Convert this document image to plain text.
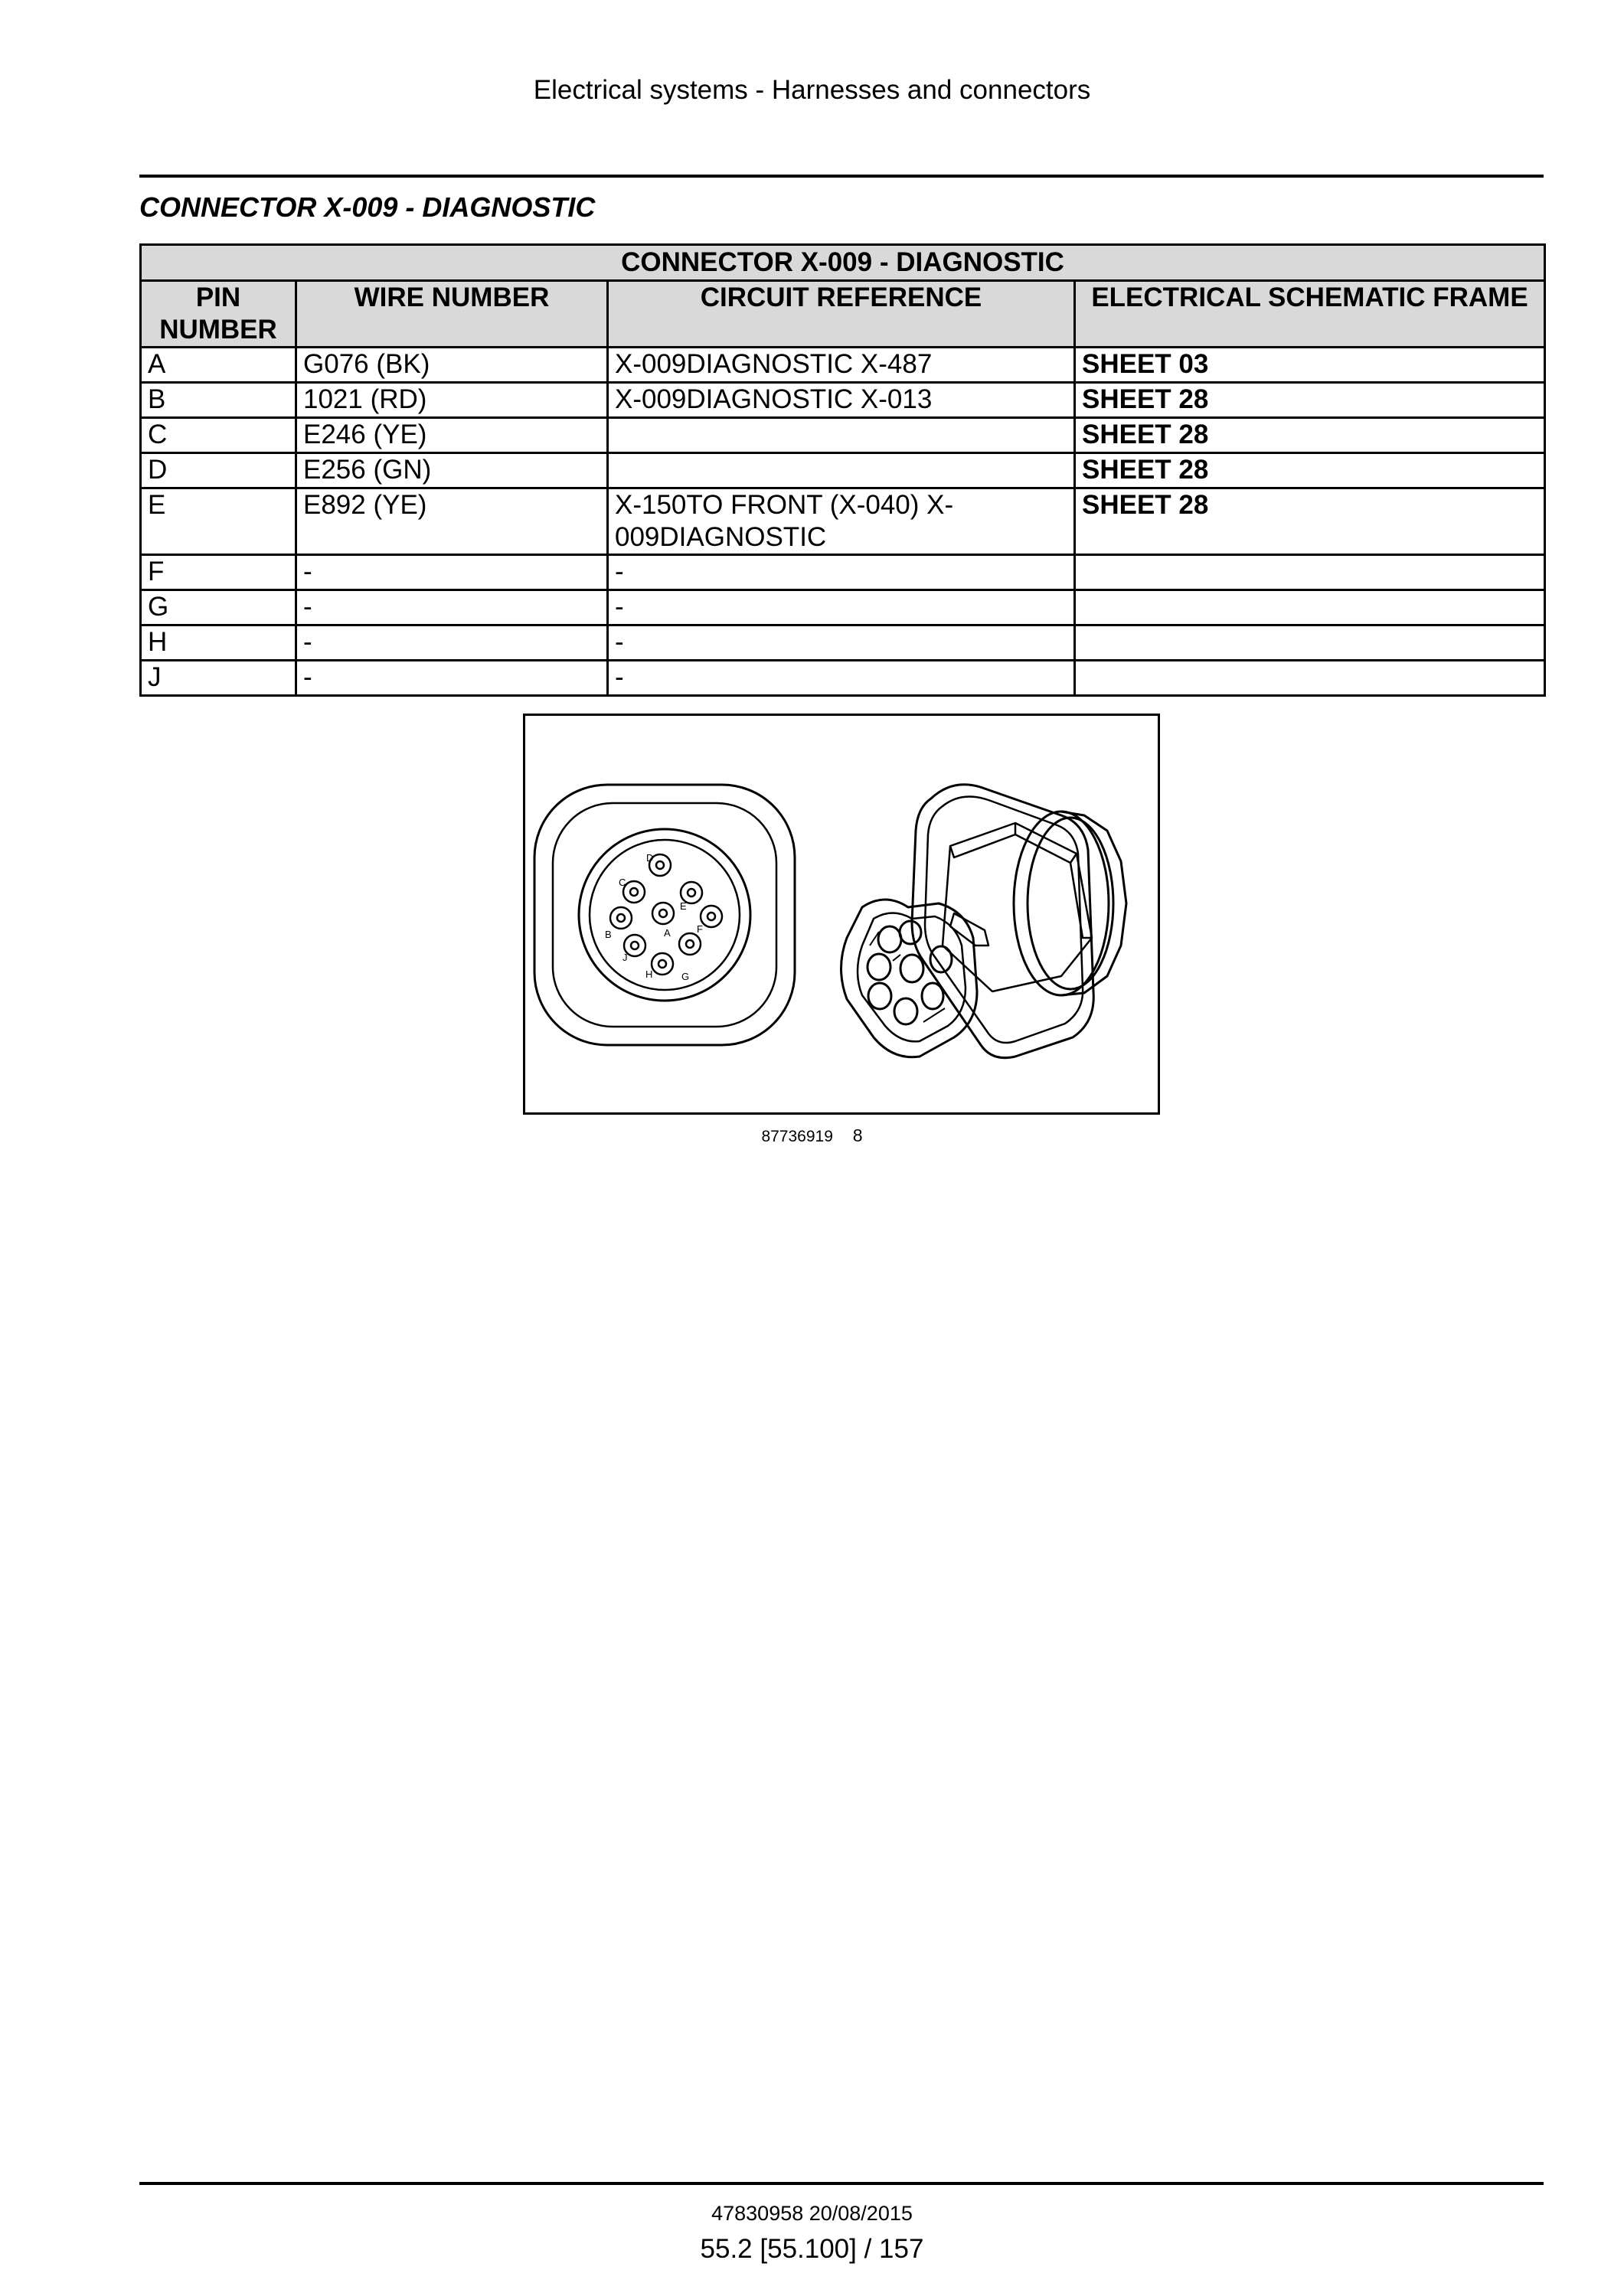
Electrical systems - Harnesses and connectors
CONNECTOR X-009 - DIAGNOSTIC
CONNECTOR X-009 - DIAGNOSTIC			
PIN NUMBER	WIRE NUMBER	CIRCUIT REFERENCE	ELECTRICAL SCHEMATIC FRAME
A	G076 (BK)	X-009DIAGNOSTIC X-487	SHEET 03
B	1021 (RD)	X-009DIAGNOSTIC X-013	SHEET 28
C	E246 (YE)		SHEET 28
D	E256 (GN)		SHEET 28
E	E892 (YE)	X-150TO FRONT (X-040) X-009DIAGNOSTIC	SHEET 28
F	-	-	
G	-	-	
H	-	-	
J	-	-	
D
C
E
B	A	F
J
H	G
87736919 8
47830958 20/08/2015
55.2 [55.100] / 157
